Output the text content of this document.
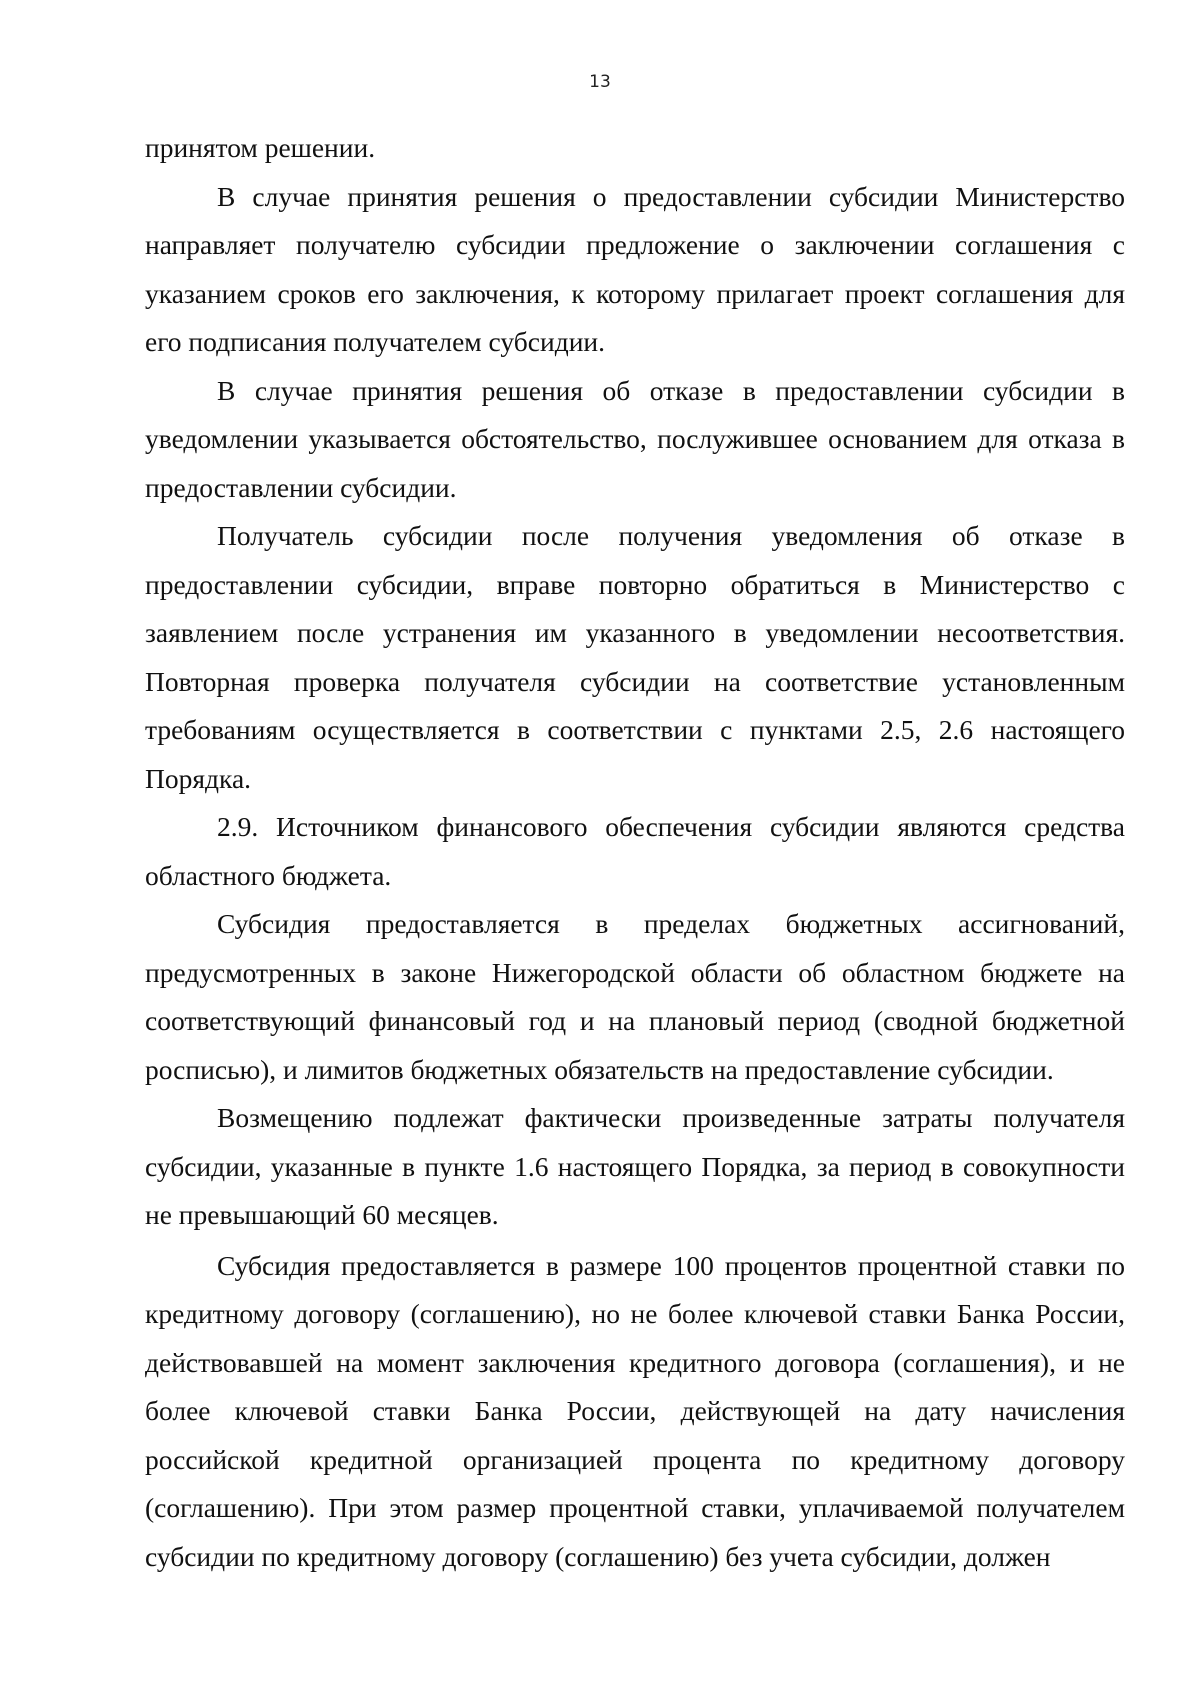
13

принятом решении.

В случае принятия решения о предоставлении субсидии Министерство направляет получателю субсидии предложение о заключении соглашения с указанием сроков его заключения, к которому прилагает проект соглашения для его подписания получателем субсидии.

В случае принятия решения об отказе в предоставлении субсидии в уведомлении указывается обстоятельство, послужившее основанием для отказа в предоставлении субсидии.

Получатель субсидии после получения уведомления об отказе в предоставлении субсидии, вправе повторно обратиться в Министерство с заявлением после устранения им указанного в уведомлении несоответствия. Повторная проверка получателя субсидии на соответствие установленным требованиям осуществляется в соответствии с пунктами 2.5, 2.6 настоящего Порядка.

2.9. Источником финансового обеспечения субсидии являются средства областного бюджета.

Субсидия предоставляется в пределах бюджетных ассигнований, предусмотренных в законе Нижегородской области об областном бюджете на соответствующий финансовый год и на плановый период (сводной бюджетной росписью), и лимитов бюджетных обязательств на предоставление субсидии.

Возмещению подлежат фактически произведенные затраты получателя субсидии, указанные в пункте 1.6 настоящего Порядка, за период в совокупности не превышающий 60 месяцев.

Субсидия предоставляется в размере 100 процентов процентной ставки по кредитному договору (соглашению), но не более ключевой ставки Банка России, действовавшей на момент заключения кредитного договора (соглашения), и не более ключевой ставки Банка России, действующей на дату начисления российской кредитной организацией процента по кредитному договору (соглашению). При этом размер процентной ставки, уплачиваемой получателем субсидии по кредитному договору (соглашению) без учета субсидии, должен
